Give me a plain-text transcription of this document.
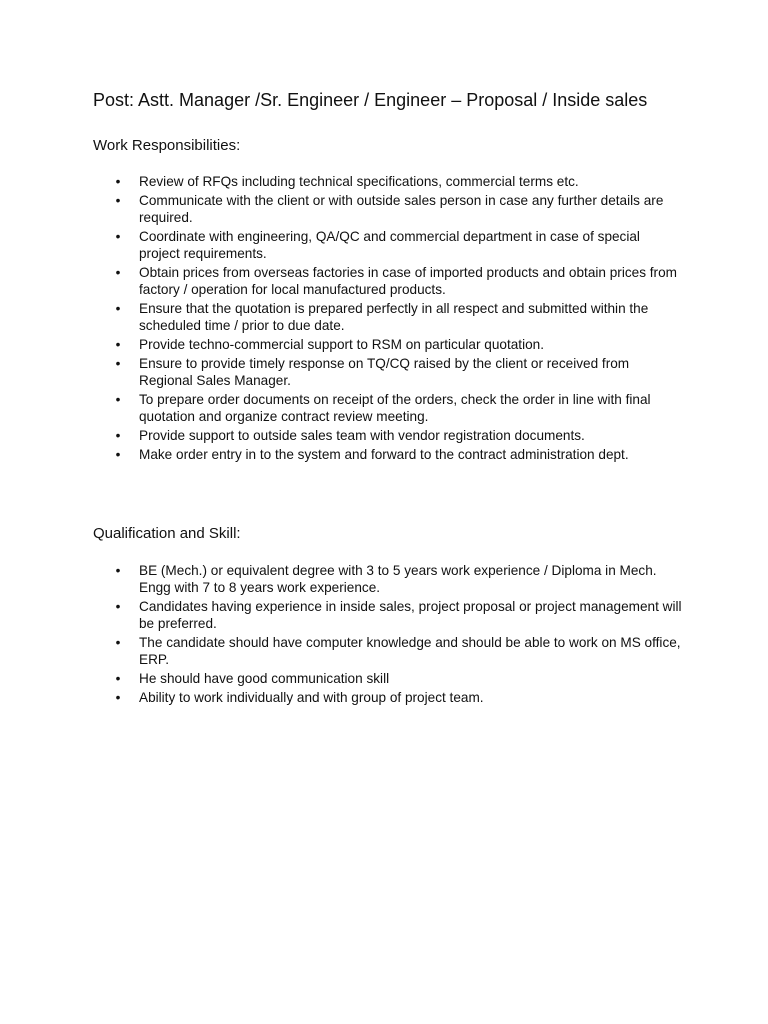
Post: Astt. Manager /Sr. Engineer / Engineer – Proposal / Inside sales
Work Responsibilities:
• Review of RFQs including technical specifications, commercial terms etc.
• Communicate with the client or with outside sales person in case any further details are required.
• Coordinate with engineering, QA/QC and commercial department in case of special project requirements.
• Obtain prices from overseas factories in case of imported products and obtain prices from factory / operation for local manufactured products.
• Ensure that the quotation is prepared perfectly in all respect and submitted within the scheduled time / prior to due date.
• Provide techno-commercial support to RSM on particular quotation.
• Ensure to provide timely response on TQ/CQ raised by the client or received from Regional Sales Manager.
• To prepare order documents on receipt of the orders, check the order in line with final quotation and organize contract review meeting.
• Provide support to outside sales team with vendor registration documents.
• Make order entry in to the system and forward to the contract administration dept.
Qualification and Skill:
• BE (Mech.) or equivalent degree with 3 to 5 years work experience / Diploma in Mech. Engg with 7 to 8 years work experience.
• Candidates having experience in inside sales, project proposal or project management will be preferred.
• The candidate should have computer knowledge and should be able to work on MS office, ERP.
• He should have good communication skill
• Ability to work individually and with group of project team.
